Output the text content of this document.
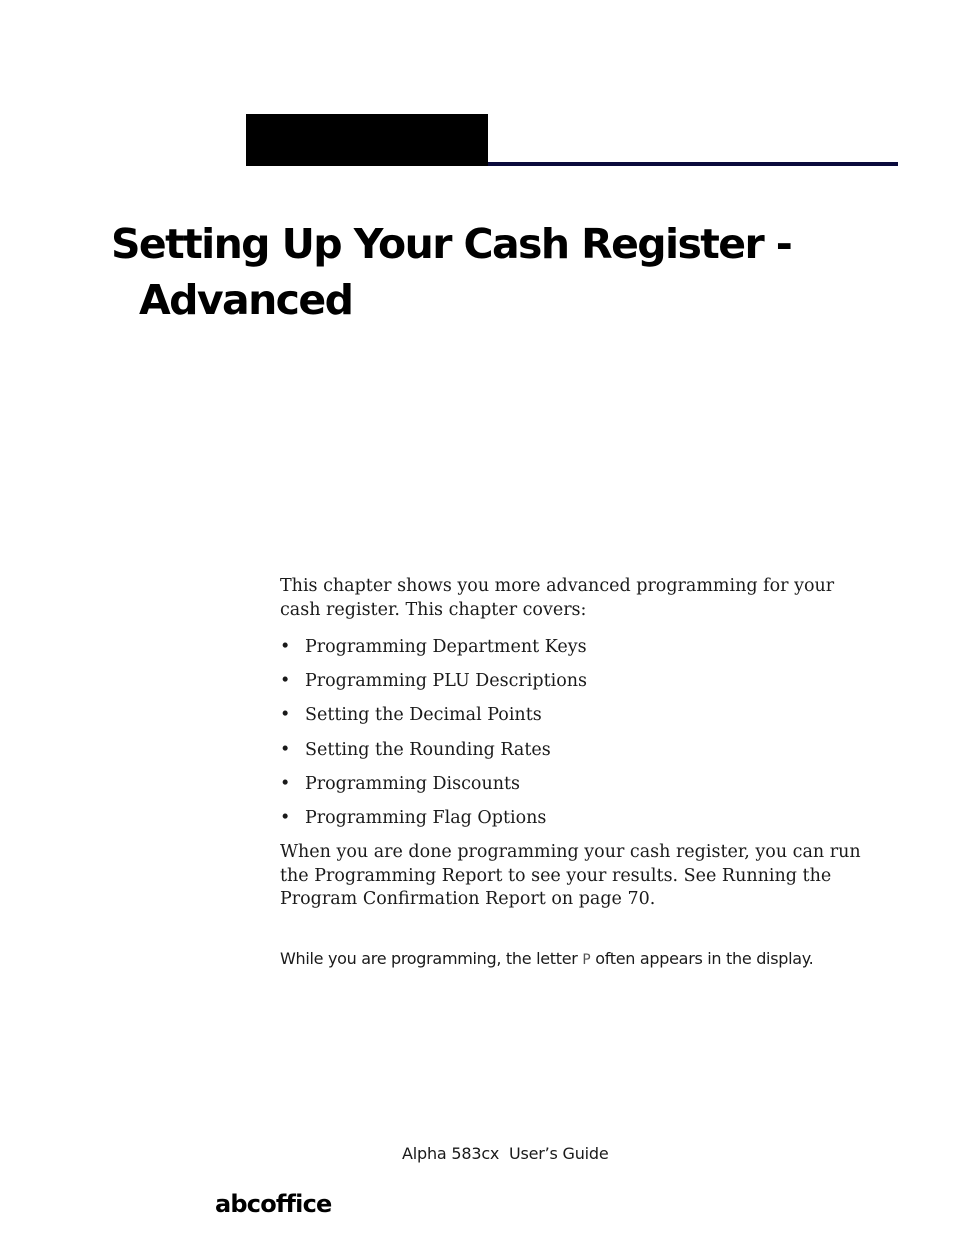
Setting Up Your Cash Register -
Advanced

This chapter shows you more advanced programming for your cash register. This chapter covers:

• Programming Department Keys
• Programming PLU Descriptions
• Setting the Decimal Points
• Setting the Rounding Rates
• Programming Discounts
• Programming Flag Options

When you are done programming your cash register, you can run the Programming Report to see your results. See Running the Program Confirmation Report on page 70.

While you are programming, the letter P often appears in the display.

Alpha 583cx  User’s Guide

abcoffice
